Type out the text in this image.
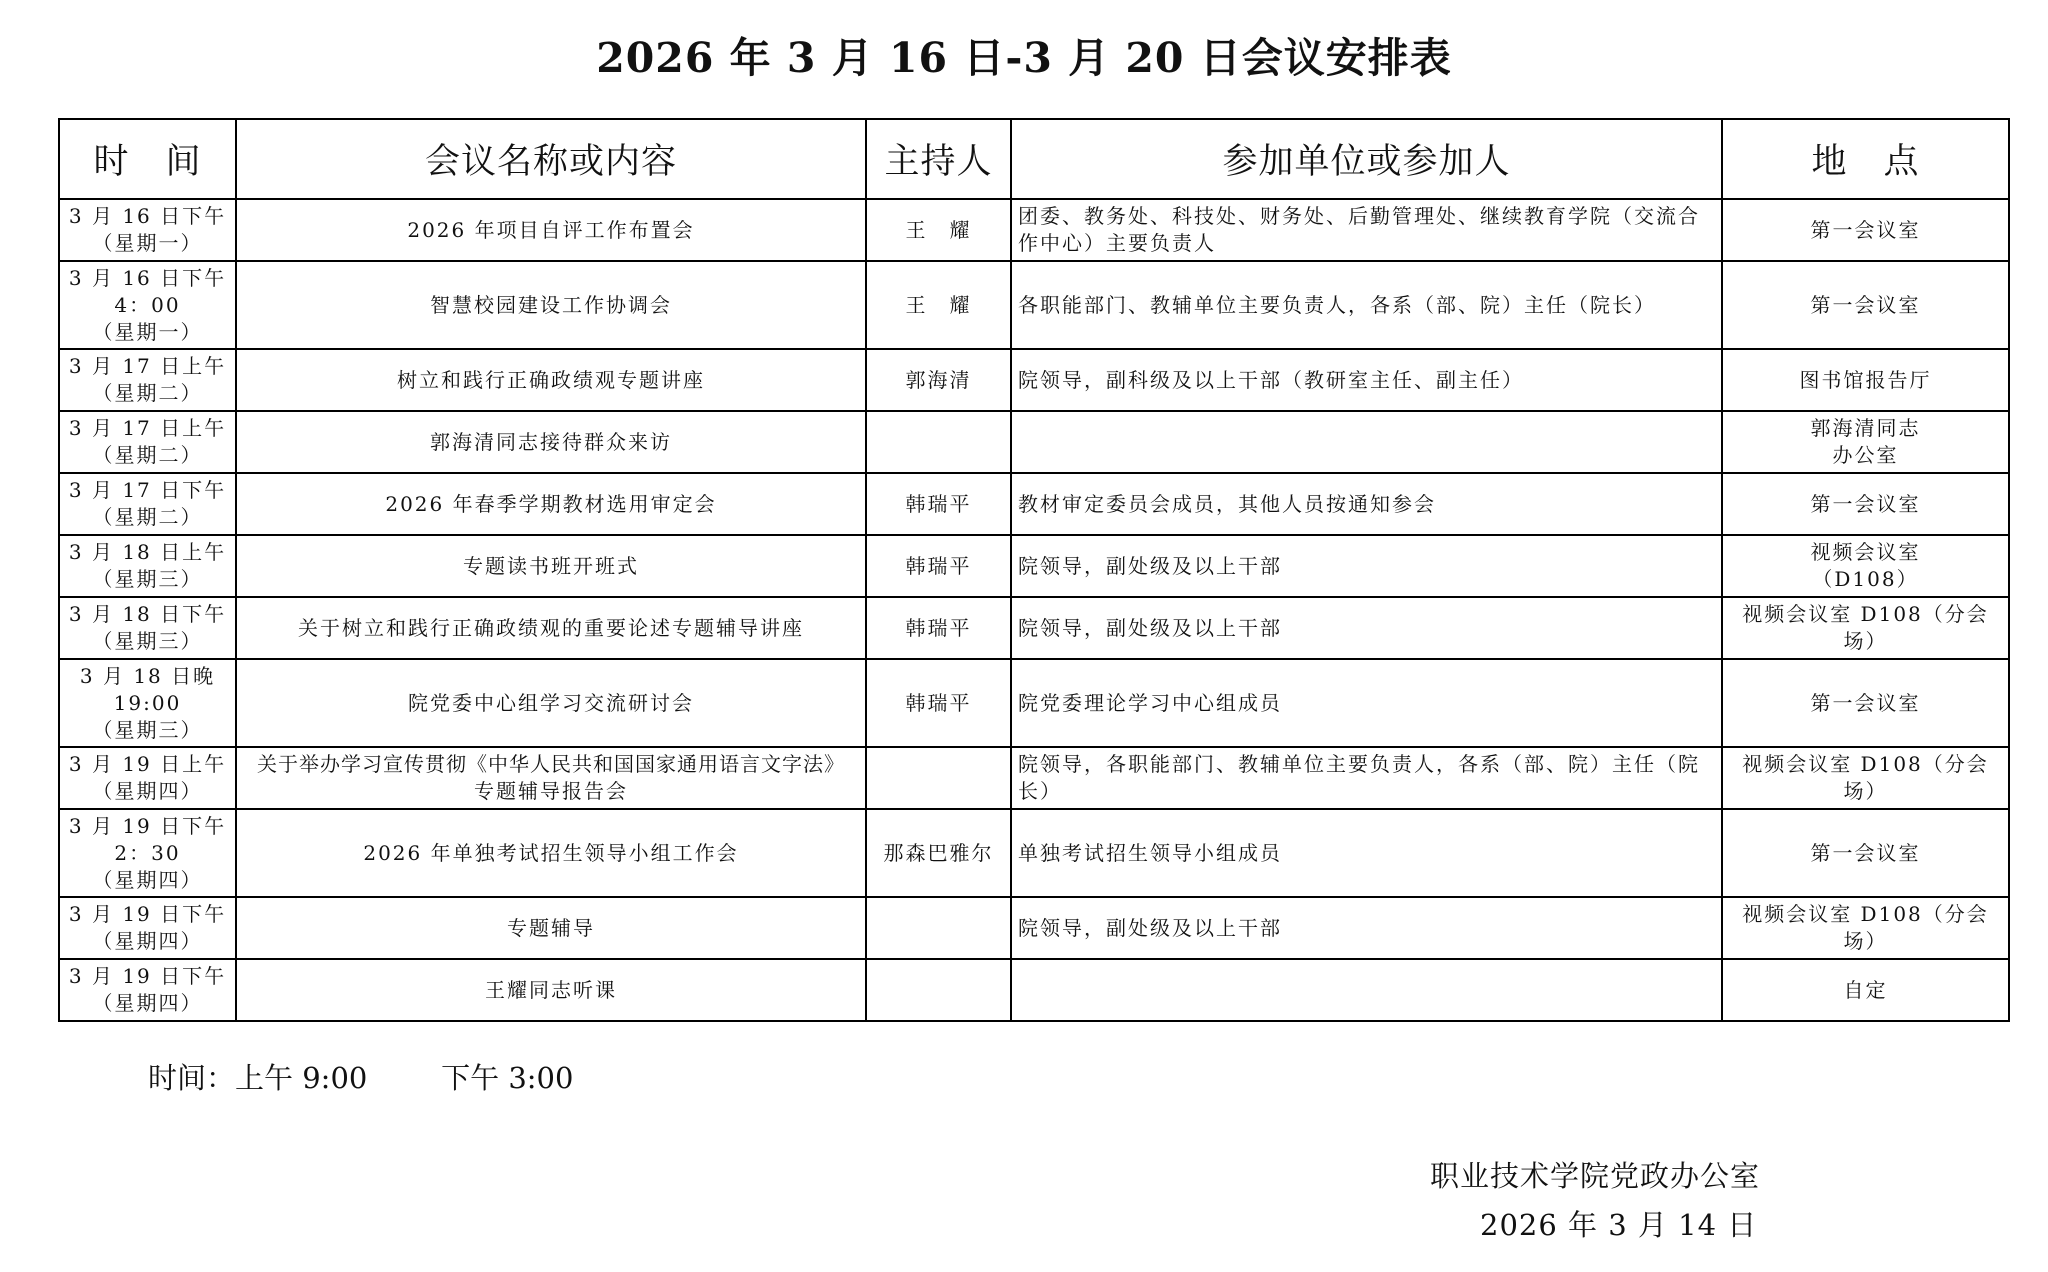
2026 年 3 月 16 日-3 月 20 日会议安排表
时　间	会议名称或内容	主持人	参加单位或参加人	地　点

3 月 16 日下午
（星期一）	2026 年项目自评工作布置会	王　耀	团委、教务处、科技处、财务处、后勤管理处、继续教育学院（交流合
作中心）主要负责人	第一会议室

3 月 16 日下午
4：00
（星期一）	智慧校园建设工作协调会	王　耀	各职能部门、教辅单位主要负责人，各系（部、院）主任（院长）	第一会议室

3 月 17 日上午
（星期二）	树立和践行正确政绩观专题讲座	郭海清	院领导，副科级及以上干部（教研室主任、副主任）	图书馆报告厅

3 月 17 日上午
（星期二）	郭海清同志接待群众来访			郭海清同志
办公室

3 月 17 日下午
（星期二）	2026 年春季学期教材选用审定会	韩瑞平	教材审定委员会成员，其他人员按通知参会	第一会议室

3 月 18 日上午
（星期三）	专题读书班开班式	韩瑞平	院领导，副处级及以上干部	视频会议室
（D108）

3 月 18 日下午
（星期三）	关于树立和践行正确政绩观的重要论述专题辅导讲座	韩瑞平	院领导，副处级及以上干部	视频会议室 D108（分会场）

3 月 18 日晚
19:00
（星期三）	院党委中心组学习交流研讨会	韩瑞平	院党委理论学习中心组成员	第一会议室

3 月 19 日上午
（星期四）	关于举办学习宣传贯彻《中华人民共和国国家通用语言文字法》
专题辅导报告会		院领导，各职能部门、教辅单位主要负责人，各系（部、院）主任（院
长）	视频会议室 D108（分会场）

3 月 19 日下午
2：30
（星期四）	2026 年单独考试招生领导小组工作会	那森巴雅尔	单独考试招生领导小组成员	第一会议室

3 月 19 日下午
（星期四）	专题辅导		院领导，副处级及以上干部	视频会议室 D108（分会场）

3 月 19 日下午
（星期四）	王耀同志听课			自定
时间：上午 9:00	下午 3:00
职业技术学院党政办公室
2026 年 3 月 14 日
